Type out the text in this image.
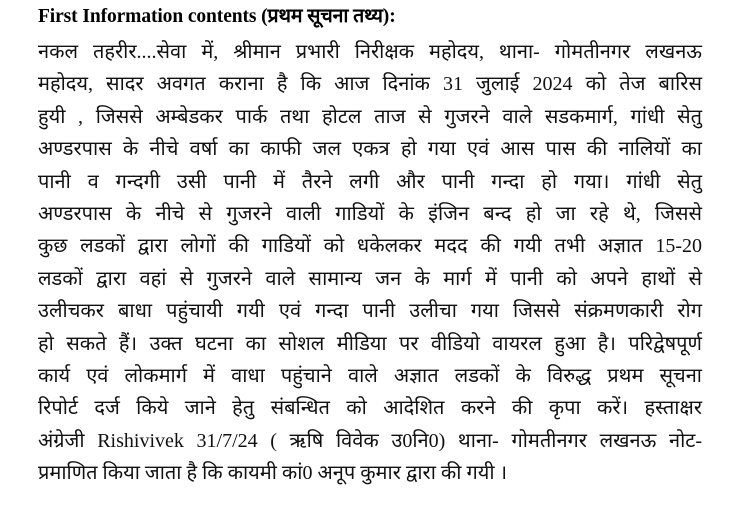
First Information contents (प्रथम सूचना तथ्य):
नकल तहरीर....सेवा में, श्रीमान प्रभारी निरीक्षक महोदय, थाना- गोमतीनगर लखनऊ
महोदय, सादर अवगत कराना है कि आज दिनांक 31 जुलाई 2024 को तेज बारिस
हुयी , जिससे अम्बेडकर पार्क तथा होटल ताज से गुजरने वाले सडकमार्ग, गांधी सेतु
अण्डरपास के नीचे वर्षा का काफी जल एकत्र हो गया एवं आस पास की नालियों का
पानी व गन्दगी उसी पानी में तैरने लगी और पानी गन्दा हो गया। गांधी सेतु
अण्डरपास के नीचे से गुजरने वाली गाडियों के इंजिन बन्द हो जा रहे थे, जिससे
कुछ लडकों द्वारा लोगों की गाडियों को धकेलकर मदद की गयी तभी अज्ञात 15-20
लडकों द्वारा वहां से गुजरने वाले सामान्य जन के मार्ग में पानी को अपने हाथों से
उलीचकर बाधा पहुंचायी गयी एवं गन्दा पानी उलीचा गया जिससे संक्रमणकारी रोग
हो सकते हैं। उक्त घटना का सोशल मीडिया पर वीडियो वायरल हुआ है। परिद्वेषपूर्ण
कार्य एवं लोकमार्ग में वाधा पहुंचाने वाले अज्ञात लडकों के विरुद्ध प्रथम सूचना
रिपोर्ट दर्ज किये जाने हेतु संबन्धित को आदेशित करने की कृपा करें। हस्ताक्षर
अंग्रेजी Rishivivek 31/7/24 ( ऋषि विवेक उ0नि0) थाना- गोमतीनगर लखनऊ नोट-
प्रमाणित किया जाता है कि कायमी कां0 अनूप कुमार द्वारा की गयी ।
